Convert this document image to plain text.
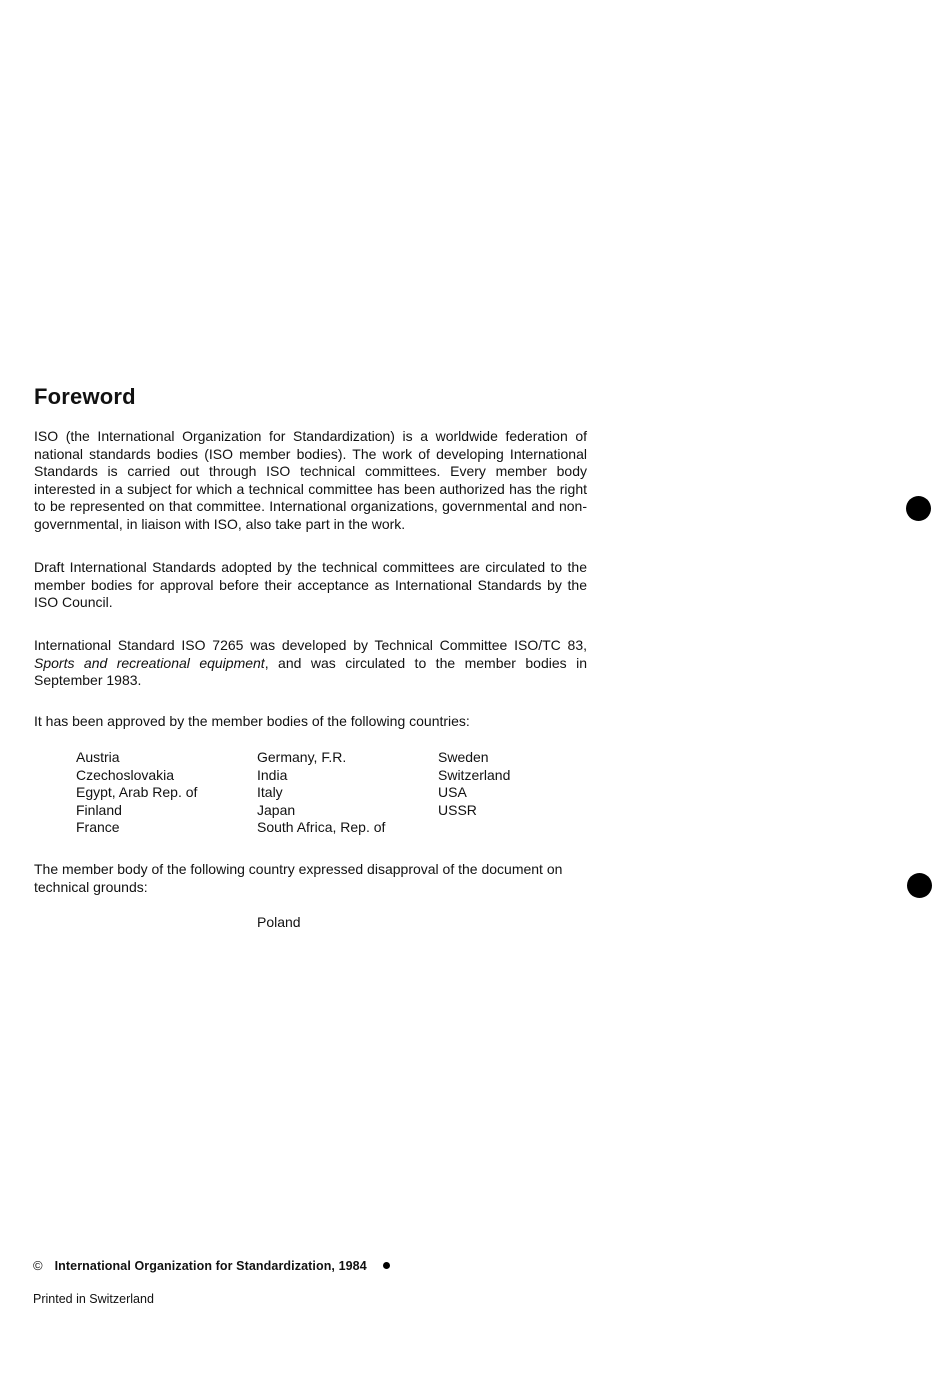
Foreword

ISO (the International Organization for Standardization) is a worldwide federation of national standards bodies (ISO member bodies). The work of developing International Standards is carried out through ISO technical committees. Every member body interested in a subject for which a technical committee has been authorized has the right to be represented on that committee. International organizations, governmental and non-governmental, in liaison with ISO, also take part in the work.

Draft International Standards adopted by the technical committees are circulated to the member bodies for approval before their acceptance as International Standards by the ISO Council.

International Standard ISO 7265 was developed by Technical Committee ISO/TC 83, Sports and recreational equipment, and was circulated to the member bodies in September 1983.

It has been approved by the member bodies of the following countries:

Austria
Czechoslovakia
Egypt, Arab Rep. of
Finland
France
Germany, F.R.
India
Italy
Japan
South Africa, Rep. of
Sweden
Switzerland
USA
USSR

The member body of the following country expressed disapproval of the document on technical grounds:

Poland
© International Organization for Standardization, 1984
Printed in Switzerland
